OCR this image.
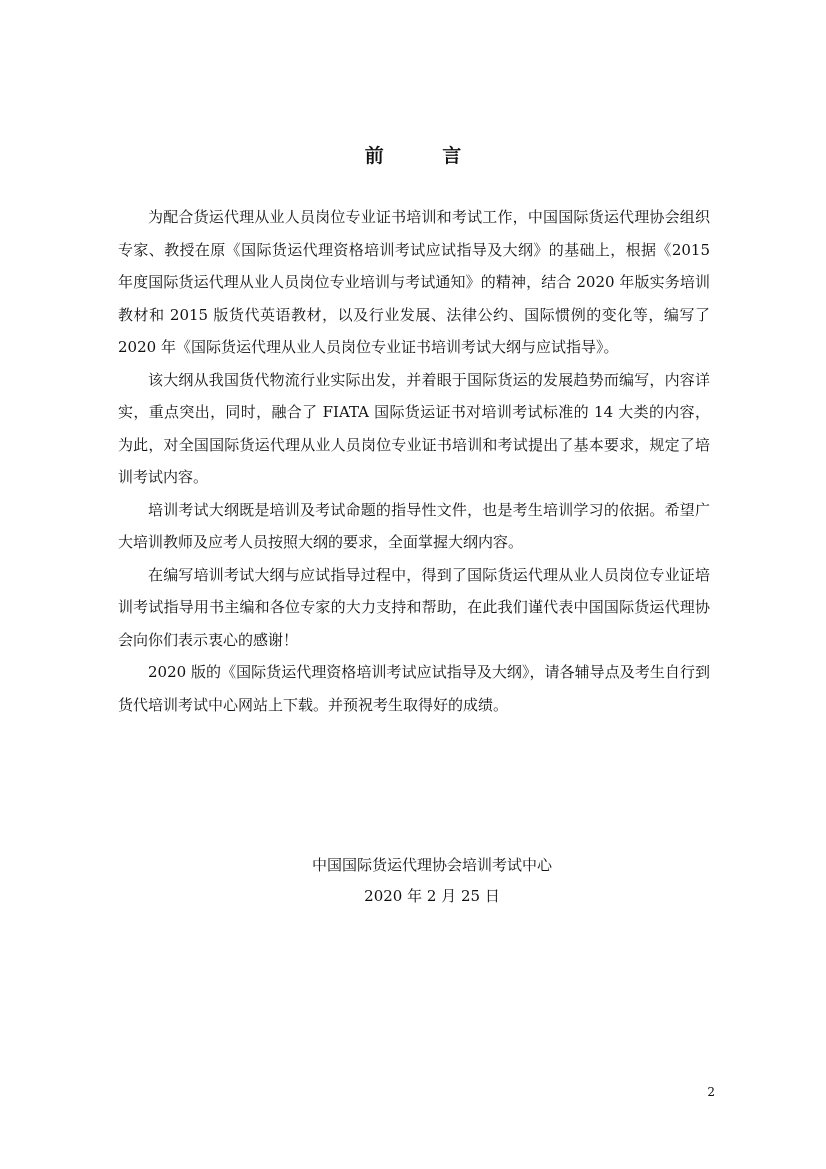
前 言

为配合货运代理从业人员岗位专业证书培训和考试工作，中国国际货运代理协会组织专家、教授在原《国际货运代理资格培训考试应试指导及大纲》的基础上，根据《2015 年度国际货运代理从业人员岗位专业培训与考试通知》的精神，结合 2020 年版实务培训教材和 2015 版货代英语教材，以及行业发展、法律公约、国际惯例的变化等，编写了 2020 年《国际货运代理从业人员岗位专业证书培训考试大纲与应试指导》。

该大纲从我国货代物流行业实际出发，并着眼于国际货运的发展趋势而编写，内容详实，重点突出，同时，融合了 FIATA 国际货运证书对培训考试标准的 14 大类的内容，为此，对全国国际货运代理从业人员岗位专业证书培训和考试提出了基本要求，规定了培训考试内容。

培训考试大纲既是培训及考试命题的指导性文件，也是考生培训学习的依据。希望广大培训教师及应考人员按照大纲的要求，全面掌握大纲内容。

在编写培训考试大纲与应试指导过程中，得到了国际货运代理从业人员岗位专业证培训考试指导用书主编和各位专家的大力支持和帮助，在此我们谨代表中国国际货运代理协会向你们表示衷心的感谢！

2020 版的《国际货运代理资格培训考试应试指导及大纲》，请各辅导点及考生自行到货代培训考试中心网站上下载。并预祝考生取得好的成绩。

中国国际货运代理协会培训考试中心
2020 年 2 月 25 日
2
